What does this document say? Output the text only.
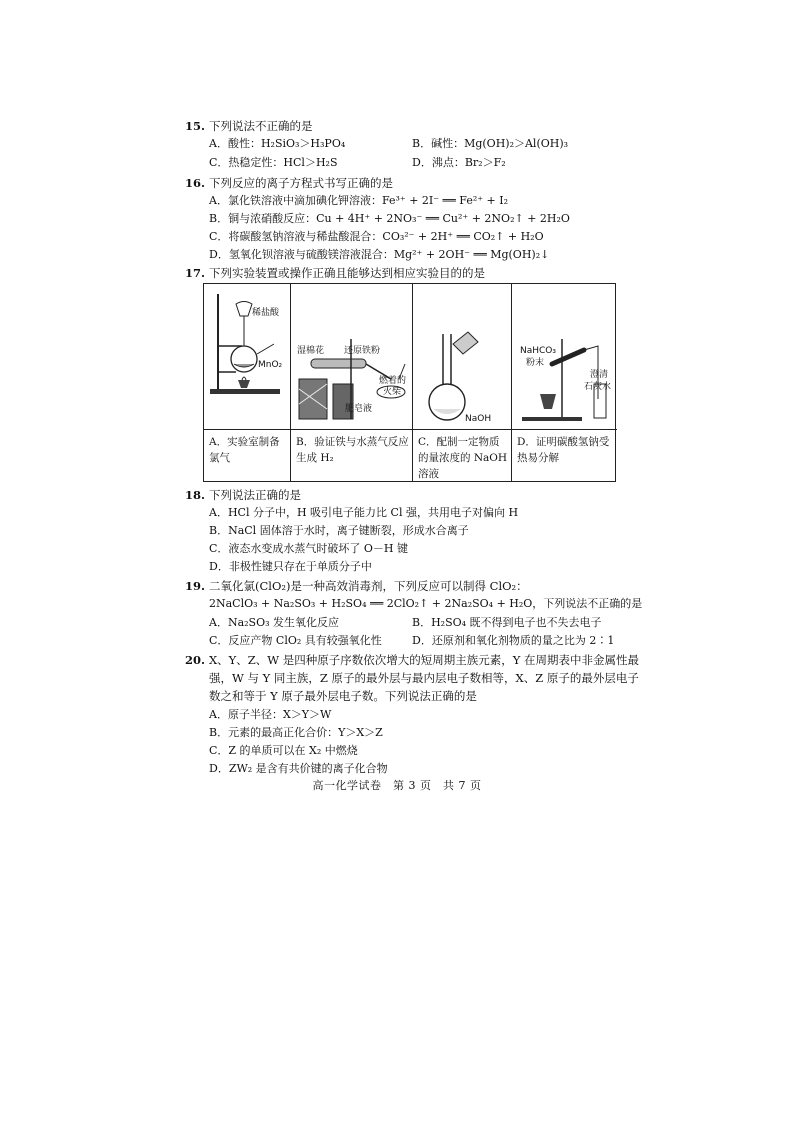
15. 下列说法不正确的是
A．酸性：H₂SiO₃＞H₃PO₄	B．碱性：Mg(OH)₂＞Al(OH)₃
C．热稳定性：HCl＞H₂S	D．沸点：Br₂＞F₂
16. 下列反应的离子方程式书写正确的是
A．氯化铁溶液中滴加碘化钾溶液：Fe³⁺ + 2I⁻ ══ Fe²⁺ + I₂
B．铜与浓硝酸反应：Cu + 4H⁺ + 2NO₃⁻ ══ Cu²⁺ + 2NO₂↑ + 2H₂O
C．将碳酸氢钠溶液与稀盐酸混合：CO₃²⁻ + 2H⁺ ══ CO₂↑ + H₂O
D．氢氧化钡溶液与硫酸镁溶液混合：Mg²⁺ + 2OH⁻ ══ Mg(OH)₂↓
17. 下列实验装置或操作正确且能够达到相应实验目的的是
稀盐酸
MnO₂
A．实验室制备氯气
湿棉花 还原铁粉
燃着的
火柴
肥皂液
B．验证铁与水蒸气反应生成 H₂
NaOH
C．配制一定物质的量浓度的 NaOH 溶液
NaHCO₃
粉末
澄清
石灰水
D．证明碳酸氢钠受热易分解
18. 下列说法正确的是
A．HCl 分子中，H 吸引电子能力比 Cl 强，共用电子对偏向 H
B．NaCl 固体溶于水时，离子键断裂，形成水合离子
C．液态水变成水蒸气时破坏了 O－H 键
D．非极性键只存在于单质分子中
19. 二氧化氯(ClO₂)是一种高效消毒剂，下列反应可以制得 ClO₂：
2NaClO₃ + Na₂SO₃ + H₂SO₄ ══ 2ClO₂↑ + 2Na₂SO₄ + H₂O，下列说法不正确的是
A．Na₂SO₃ 发生氧化反应	B．H₂SO₄ 既不得到电子也不失去电子
C．反应产物 ClO₂ 具有较强氧化性	D．还原剂和氧化剂物质的量之比为 2∶1
20. X、Y、Z、W 是四种原子序数依次增大的短周期主族元素，Y 在周期表中非金属性最
强，W 与 Y 同主族，Z 原子的最外层与最内层电子数相等，X、Z 原子的最外层电子
数之和等于 Y 原子最外层电子数。下列说法正确的是
A．原子半径：X＞Y＞W
B．元素的最高正化合价：Y＞X＞Z
C．Z 的单质可以在 X₂ 中燃烧
D．ZW₂ 是含有共价键的离子化合物
高一化学试卷　第 3 页　共 7 页
